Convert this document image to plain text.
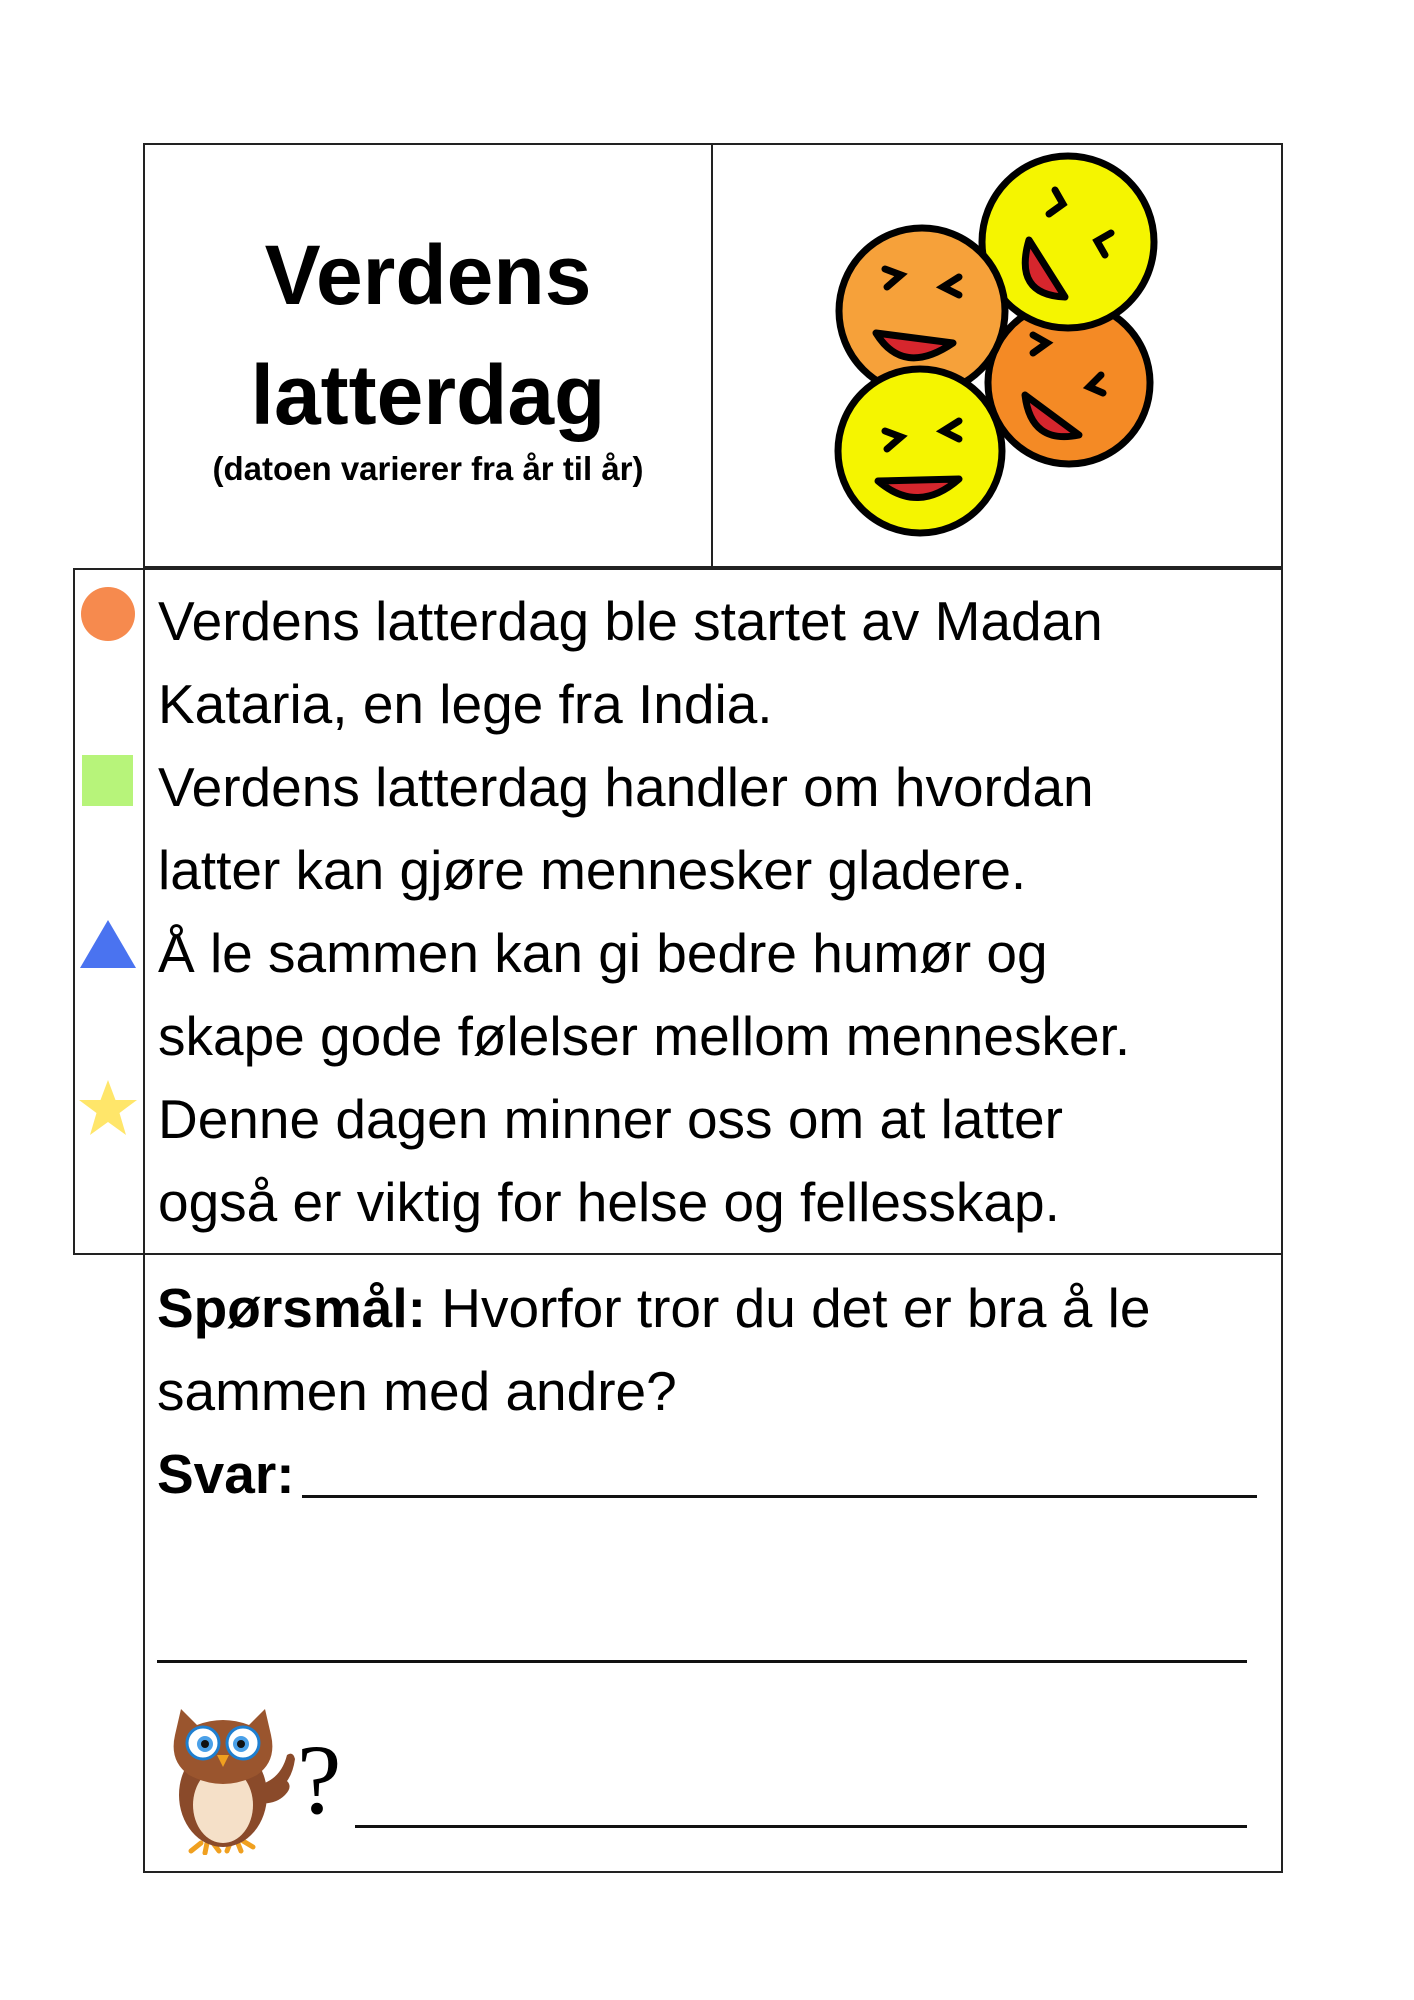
Verdens
latterdag
(datoen varierer fra år til år)
Verdens latterdag ble startet av Madan
Kataria, en lege fra India.
Verdens latterdag handler om hvordan
latter kan gjøre mennesker gladere.
Å le sammen kan gi bedre humør og
skape gode følelser mellom mennesker.
Denne dagen minner oss om at latter
også er viktig for helse og fellesskap.
Spørsmål: Hvorfor tror du det er bra å le
sammen med andre?
Svar:
?
